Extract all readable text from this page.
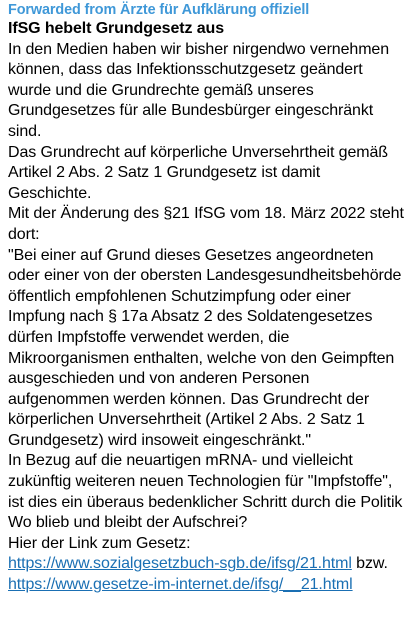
Forwarded from Ärzte für Aufklärung offiziell
IfSG hebelt Grundgesetz aus
In den Medien haben wir bisher nirgendwo vernehmen können, dass das Infektionsschutzgesetz geändert wurde und die Grundrechte gemäß unseres Grundgesetzes für alle Bundesbürger eingeschränkt sind.
Das Grundrecht auf körperliche Unversehrtheit gemäß Artikel 2 Abs. 2 Satz 1 Grundgesetz ist damit Geschichte.
Mit der Änderung des §21 IfSG vom 18. März 2022 steht dort:
"Bei einer auf Grund dieses Gesetzes angeordneten oder einer von der obersten Landesgesundheitsbehörde öffentlich empfohlenen Schutzimpfung oder einer Impfung nach § 17a Absatz 2 des Soldatengesetzes dürfen Impfstoffe verwendet werden, die Mikroorganismen enthalten, welche von den Geimpften ausgeschieden und von anderen Personen aufgenommen werden können. Das Grundrecht der körperlichen Unversehrtheit (Artikel 2 Abs. 2 Satz 1 Grundgesetz) wird insoweit eingeschränkt."
In Bezug auf die neuartigen mRNA- und vielleicht zukünftig weiteren neuen Technologien für "Impfstoffe", ist dies ein überaus bedenklicher Schritt durch die Politik
Wo blieb und bleibt der Aufschrei?
Hier der Link zum Gesetz:
https://www.sozialgesetzbuch-sgb.de/ifsg/21.html bzw.
https://www.gesetze-im-internet.de/ifsg/__21.html
